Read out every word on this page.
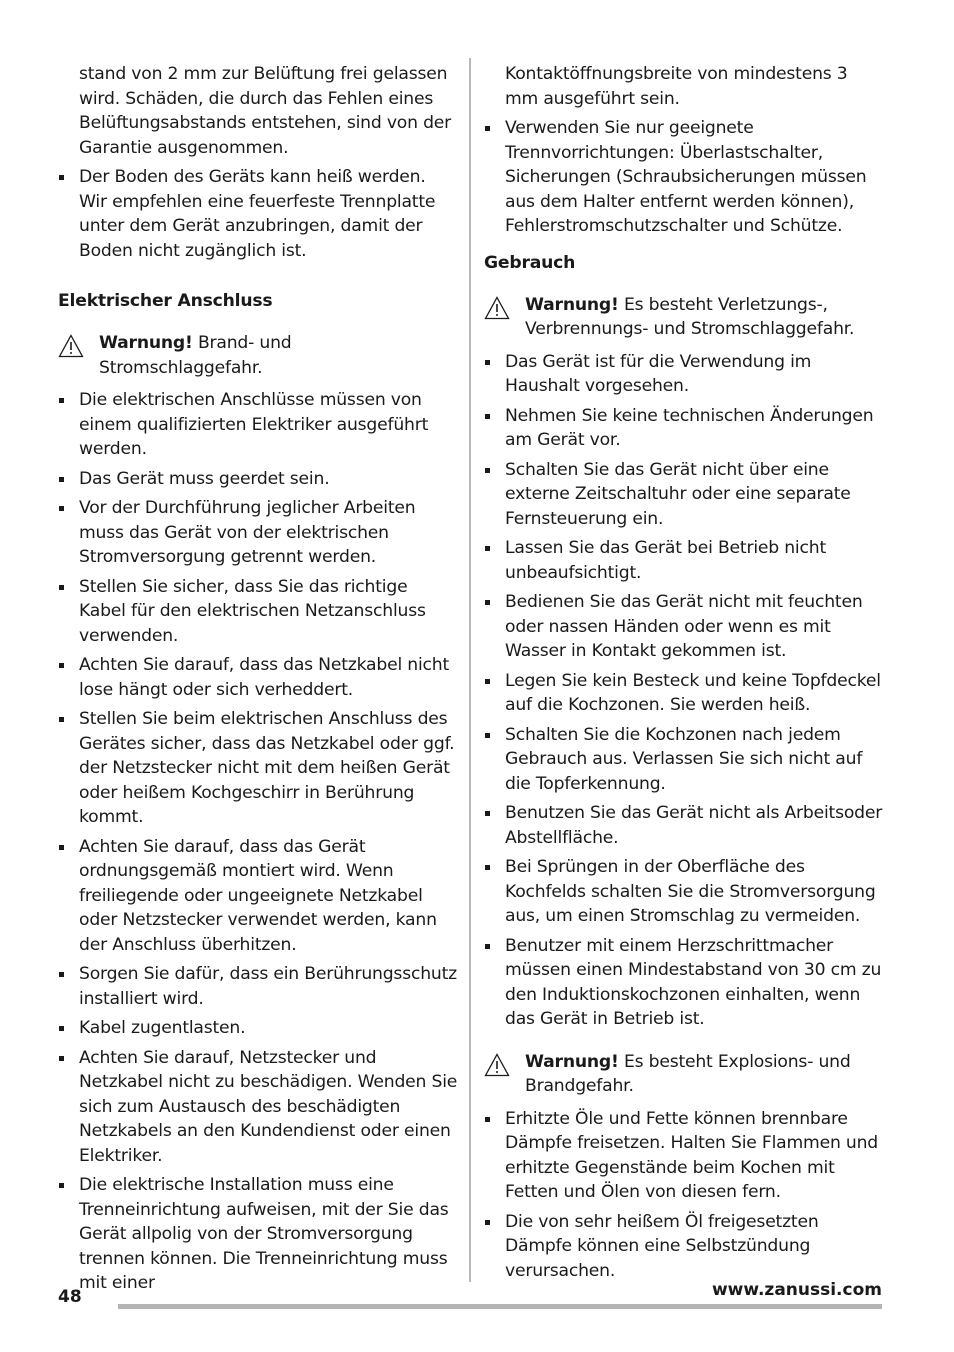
stand von 2 mm zur Belüftung frei gelassen wird. Schäden, die durch das Fehlen eines Belüftungsabstands entstehen, sind von der Garantie ausgenommen.

Der Boden des Geräts kann heiß werden. Wir empfehlen eine feuerfeste Trennplatte unter dem Gerät anzubringen, damit der Boden nicht zugänglich ist.

Elektrischer Anschluss

Warnung! Brand- und Stromschlaggefahr.
Die elektrischen Anschlüsse müssen von einem qualifizierten Elektriker ausgeführt werden.
Das Gerät muss geerdet sein.
Vor der Durchführung jeglicher Arbeiten muss das Gerät von der elektrischen Stromversorgung getrennt werden.
Stellen Sie sicher, dass Sie das richtige Kabel für den elektrischen Netzanschluss verwenden.
Achten Sie darauf, dass das Netzkabel nicht lose hängt oder sich verheddert.
Stellen Sie beim elektrischen Anschluss des Gerätes sicher, dass das Netzkabel oder ggf. der Netzstecker nicht mit dem heißen Gerät oder heißem Kochgeschirr in Berührung kommt.
Achten Sie darauf, dass das Gerät ordnungsgemäß montiert wird. Wenn freiliegende oder ungeeignete Netzkabel oder Netzstecker verwendet werden, kann der Anschluss überhitzen.
Sorgen Sie dafür, dass ein Berührungsschutz installiert wird.
Kabel zugentlasten.
Achten Sie darauf, Netzstecker und Netzkabel nicht zu beschädigen. Wenden Sie sich zum Austausch des beschädigten Netzkabels an den Kundendienst oder einen Elektriker.
Die elektrische Installation muss eine Trenneinrichtung aufweisen, mit der Sie das Gerät allpolig von der Stromversorgung trennen können. Die Trenneinrichtung muss mit einer

Kontaktöffnungsbreite von mindestens 3 mm ausgeführt sein.

Verwenden Sie nur geeignete Trennvorrichtungen: Überlastschalter, Sicherungen (Schraubsicherungen müssen aus dem Halter entfernt werden können), Fehlerstromschutzschalter und Schütze.

Gebrauch

Warnung! Es besteht Verletzungs-, Verbrennungs- und Stromschlaggefahr.
Das Gerät ist für die Verwendung im Haushalt vorgesehen.
Nehmen Sie keine technischen Änderungen am Gerät vor.
Schalten Sie das Gerät nicht über eine externe Zeitschaltuhr oder eine separate Fernsteuerung ein.
Lassen Sie das Gerät bei Betrieb nicht unbeaufsichtigt.
Bedienen Sie das Gerät nicht mit feuchten oder nassen Händen oder wenn es mit Wasser in Kontakt gekommen ist.
Legen Sie kein Besteck und keine Topfdeckel auf die Kochzonen. Sie werden heiß.
Schalten Sie die Kochzonen nach jedem Gebrauch aus. Verlassen Sie sich nicht auf die Topferkennung.
Benutzen Sie das Gerät nicht als Arbeitsoder Abstellfläche.
Bei Sprüngen in der Oberfläche des Kochfelds schalten Sie die Stromversorgung aus, um einen Stromschlag zu vermeiden.
Benutzer mit einem Herzschrittmacher müssen einen Mindestabstand von 30 cm zu den Induktionskochzonen einhalten, wenn das Gerät in Betrieb ist.
Warnung! Es besteht Explosions- und Brandgefahr.
Erhitzte Öle und Fette können brennbare Dämpfe freisetzen. Halten Sie Flammen und erhitzte Gegenstände beim Kochen mit Fetten und Ölen von diesen fern.
Die von sehr heißem Öl freigesetzten Dämpfe können eine Selbstzündung verursachen.
48	www.zanussi.com
